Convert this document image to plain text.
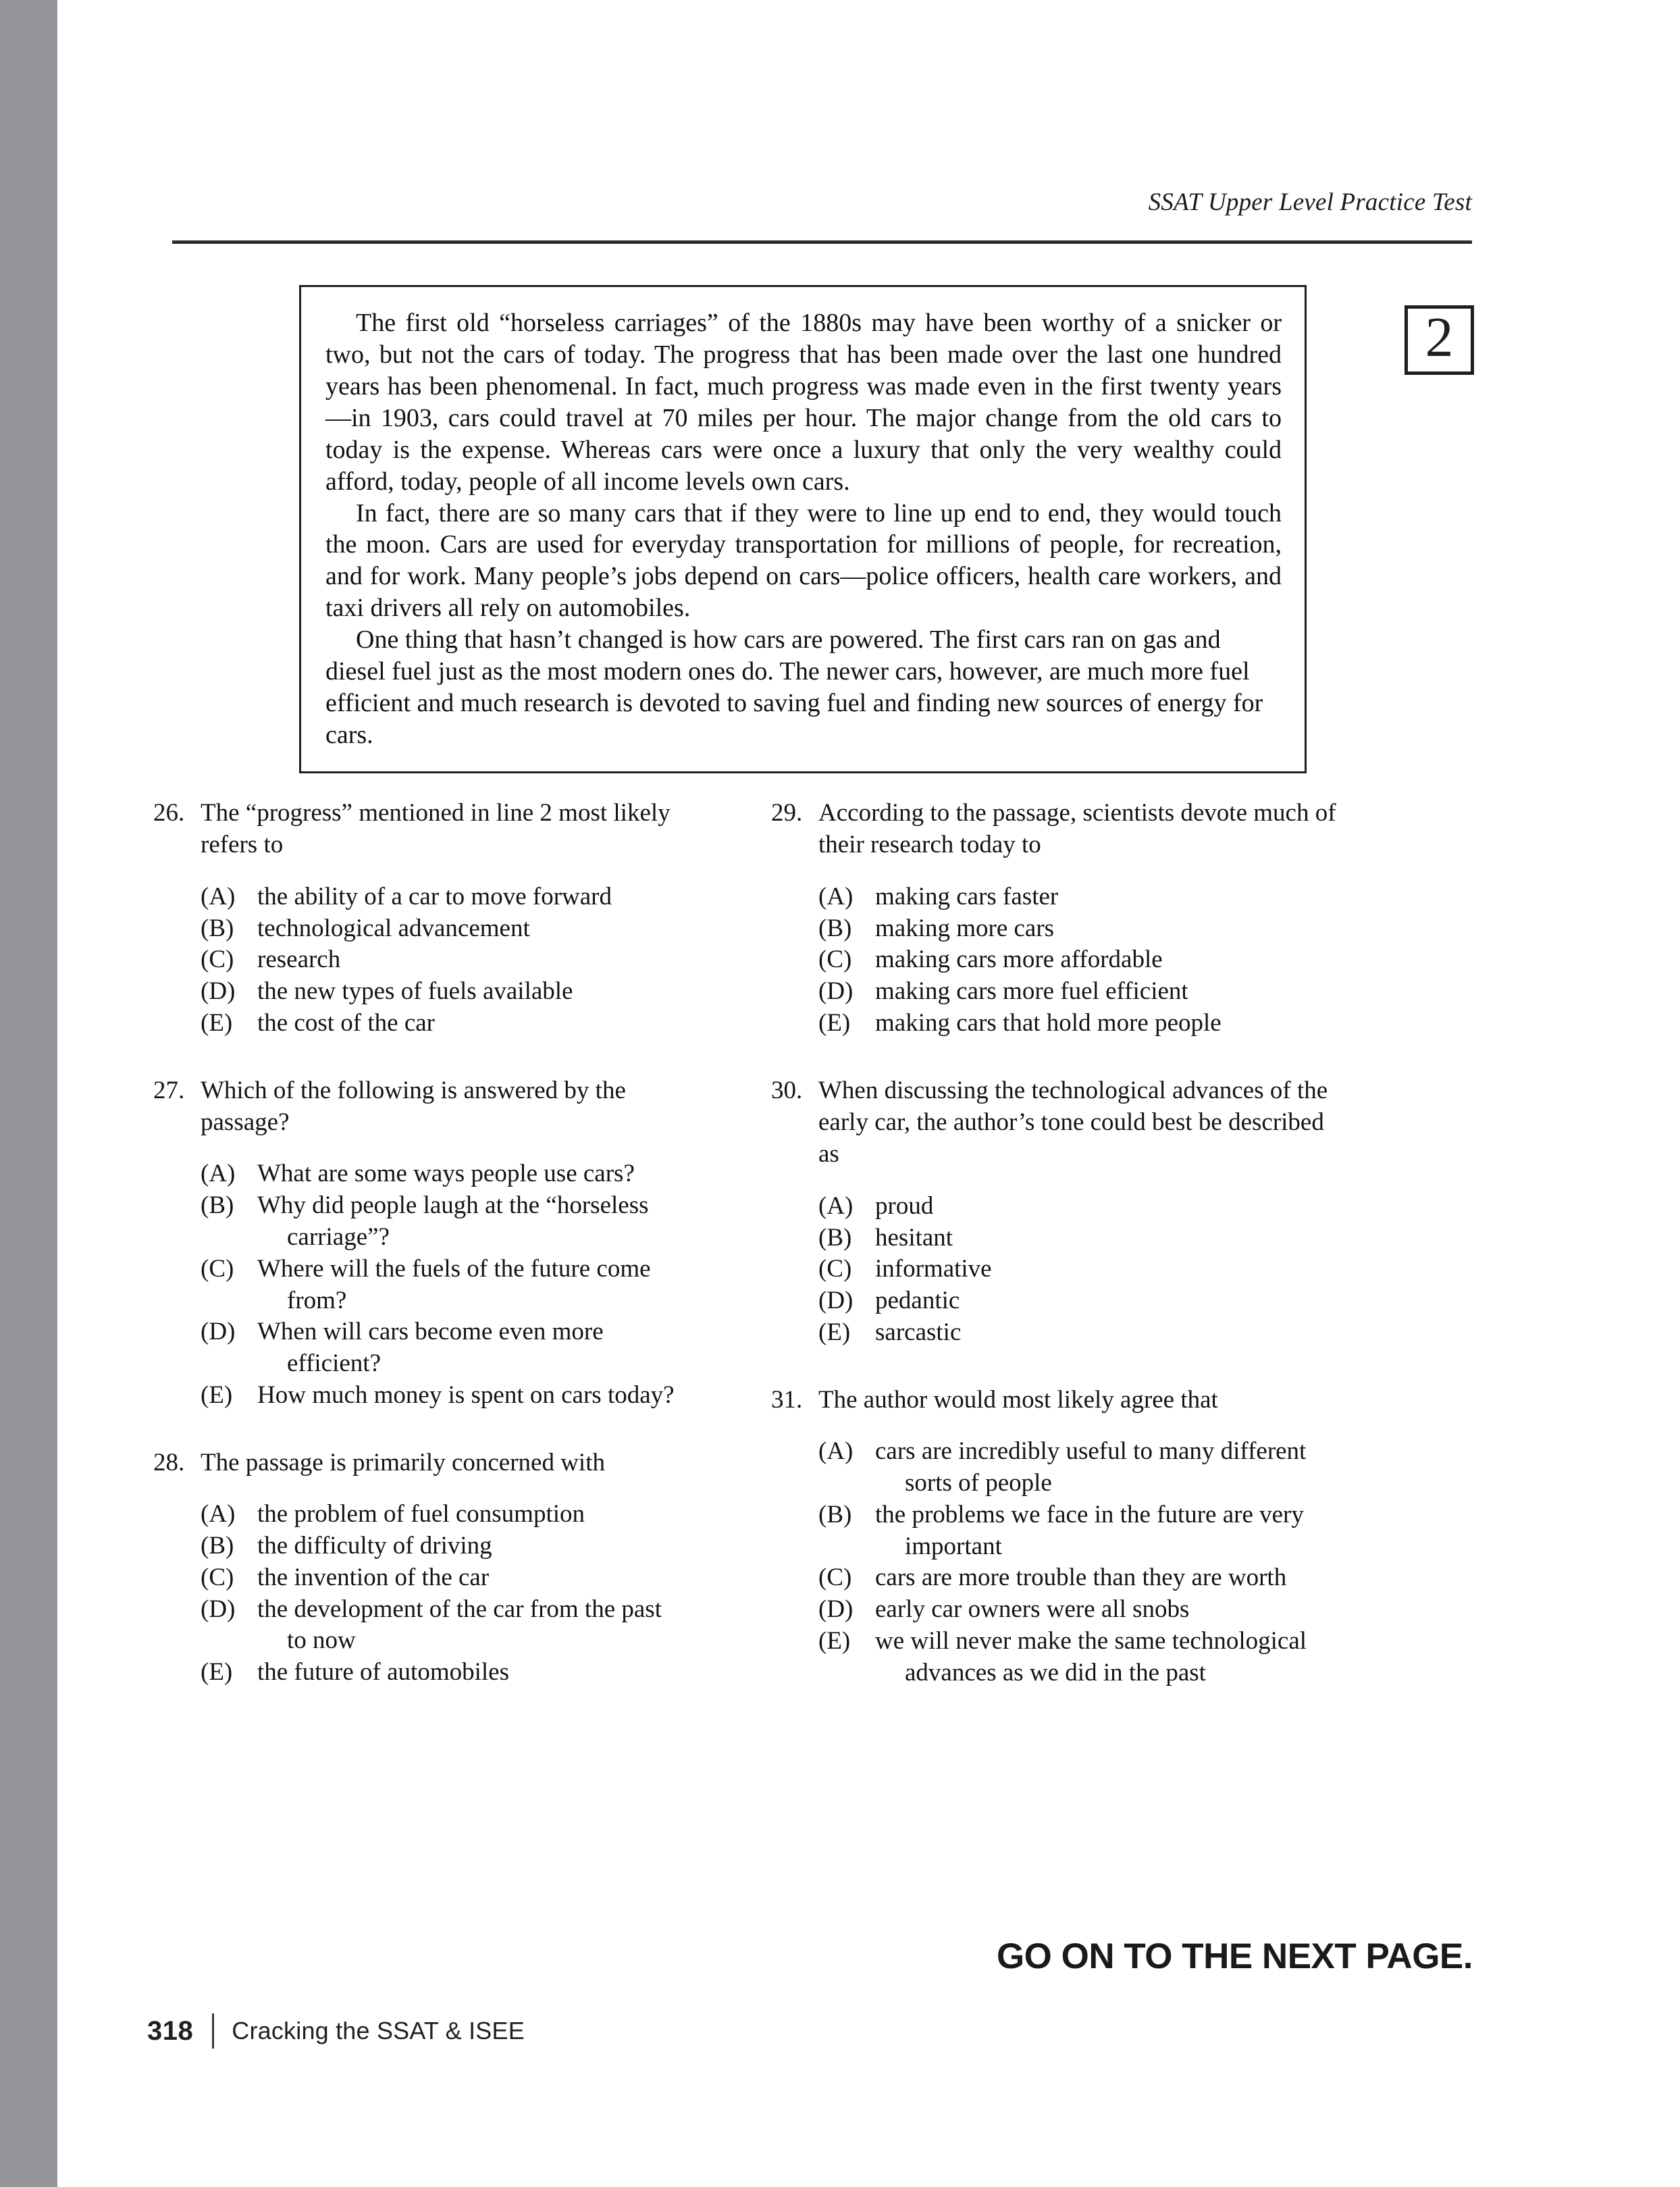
SSAT Upper Level Practice Test
2

The first old “horseless carriages” of the 1880s may have been worthy of a snicker or two, but not the cars of today. The progress that has been made over the last one hundred years has been phenomenal. In fact, much progress was made even in the first twenty years—in 1903, cars could travel at 70 miles per hour. The major change from the old cars to today is the expense. Whereas cars were once a luxury that only the very wealthy could afford, today, people of all income levels own cars.

In fact, there are so many cars that if they were to line up end to end, they would touch the moon. Cars are used for everyday transportation for millions of people, for recreation, and for work. Many people’s jobs depend on cars—police officers, health care workers, and taxi drivers all rely on automobiles.

One thing that hasn’t changed is how cars are powered. The first cars ran on gas and diesel fuel just as the most modern ones do. The newer cars, however, are much more fuel efficient and much research is devoted to saving fuel and finding new sources of energy for cars.

26. The “progress” mentioned in line 2 most likely refers to
(A) the ability of a car to move forward
(B) technological advancement
(C) research
(D) the new types of fuels available
(E) the cost of the car
27. Which of the following is answered by the passage?
(A) What are some ways people use cars?
(B) Why did people laugh at the “horseless
carriage”?
(C) Where will the fuels of the future come
from?
(D) When will cars become even more
efficient?
(E) How much money is spent on cars today?
28. The passage is primarily concerned with
(A) the problem of fuel consumption
(B) the difficulty of driving
(C) the invention of the car
(D) the development of the car from the past
to now
(E) the future of automobiles
29. According to the passage, scientists devote much of their research today to
(A) making cars faster
(B) making more cars
(C) making cars more affordable
(D) making cars more fuel efficient
(E) making cars that hold more people
30. When discussing the technological advances of the early car, the author’s tone could best be described as
(A) proud
(B) hesitant
(C) informative
(D) pedantic
(E) sarcastic
31. The author would most likely agree that
(A) cars are incredibly useful to many different
sorts of people
(B) the problems we face in the future are very
important
(C) cars are more trouble than they are worth
(D) early car owners were all snobs
(E) we will never make the same technological
advances as we did in the past
GO ON TO THE NEXT PAGE.
318 Cracking the SSAT & ISEE
